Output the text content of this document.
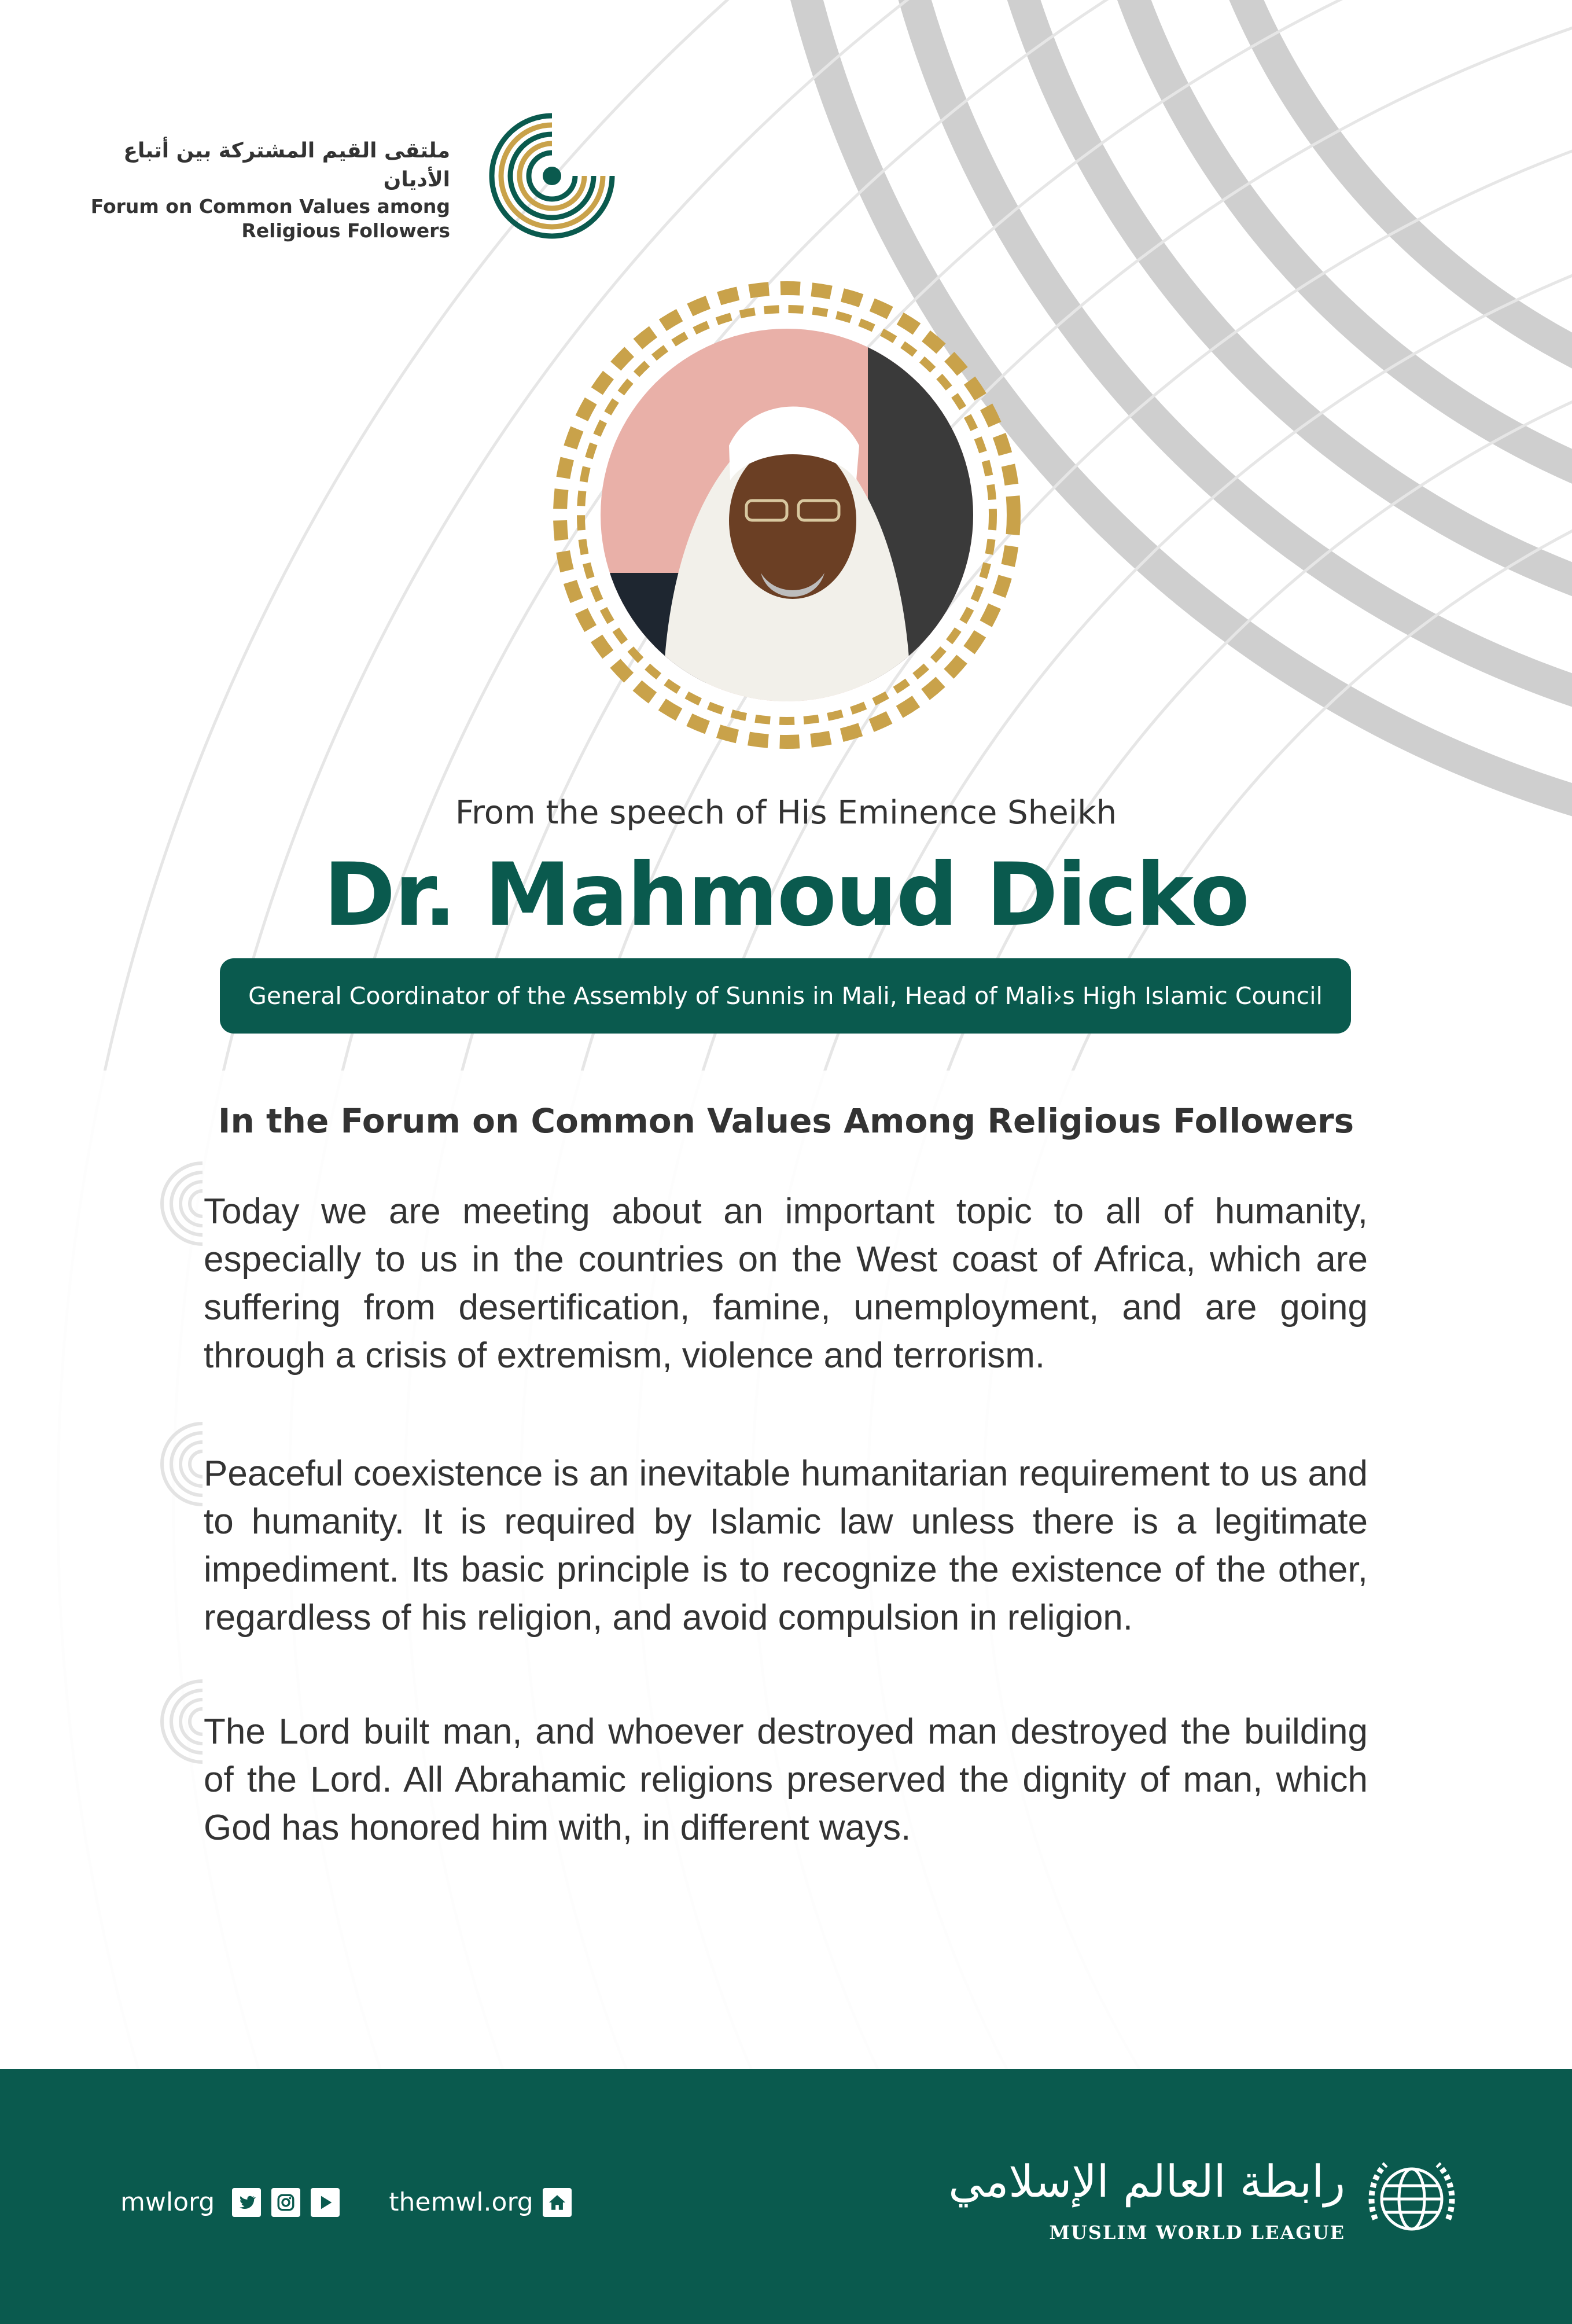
ملتقى القيم المشتركة بين أتباع الأديان
Forum on Common Values among
Religious Followers
From the speech of His Eminence Sheikh
Dr. Mahmoud Dicko
General Coordinator of the Assembly of Sunnis in Mali, Head of Mali›s High Islamic Council
In the Forum on Common Values Among Religious Followers

Today we are meeting about an important topic to all of humanity, especially to us in the countries on the West coast of Africa, which are suffering from desertification, famine, unemployment, and are going through a crisis of extremism, violence and terrorism.

Peaceful coexistence is an inevitable humanitarian requirement to us and to humanity. It is required by Islamic law unless there is a legitimate impediment. Its basic principle is to recognize the existence of the other, regardless of his religion, and avoid compulsion in religion.

The Lord built man, and whoever destroyed man destroyed the building of the Lord. All Abrahamic religions preserved the dignity of man, which God has honored him with, in different ways.

mwlorg	themwl.org	رابطة العالم الإسلامي
MUSLIM WORLD LEAGUE
